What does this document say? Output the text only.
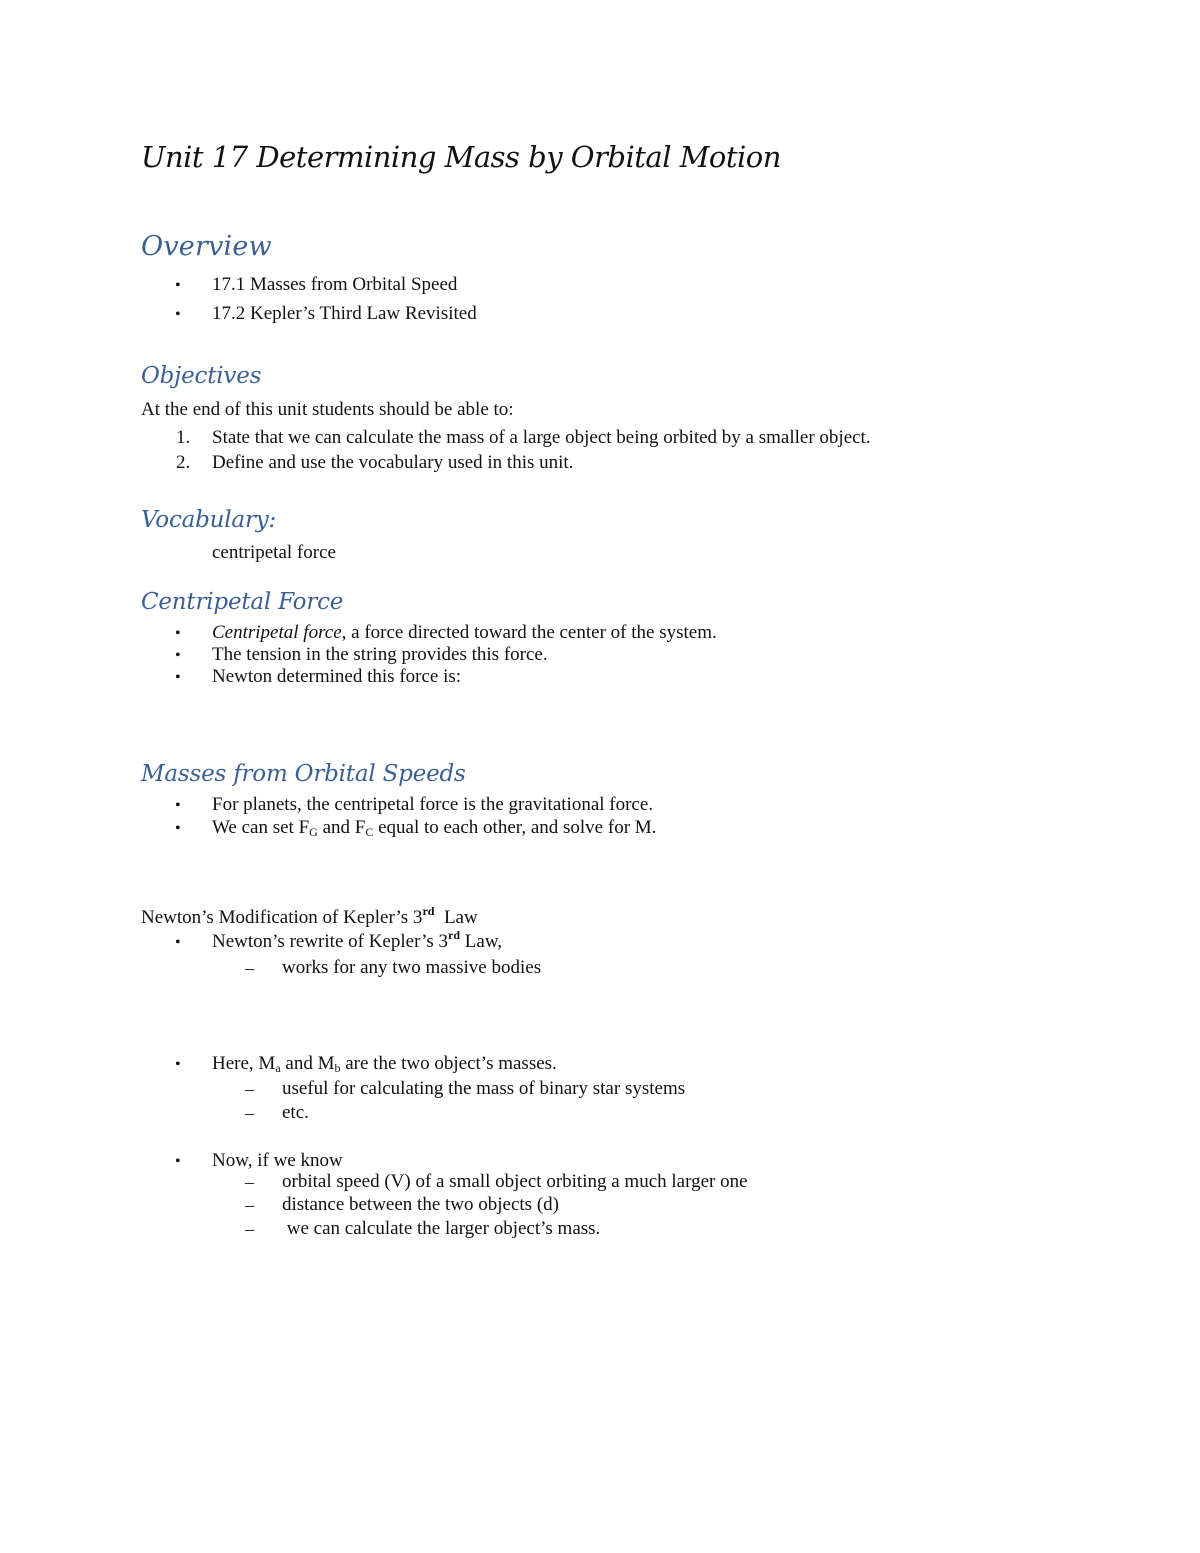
Unit 17 Determining Mass by Orbital Motion
Overview
• 17.1 Masses from Orbital Speed
• 17.2 Kepler’s Third Law Revisited
Objectives
At the end of this unit students should be able to:
1. State that we can calculate the mass of a large object being orbited by a smaller object.
2. Define and use the vocabulary used in this unit.
Vocabulary:
centripetal force
Centripetal Force
• Centripetal force, a force directed toward the center of the system.
• The tension in the string provides this force.
• Newton determined this force is:
Masses from Orbital Speeds
• For planets, the centripetal force is the gravitational force.
• We can set $F_G$ and $F_C$ equal to each other, and solve for M.
Newton’s Modification of Kepler’s 3rd  Law
• Newton’s rewrite of Kepler’s 3rd Law,
– works for any two massive bodies
• Here, $M_a$ and $M_b$ are the two object’s masses.
– useful for calculating the mass of binary star systems
– etc.
• Now, if we know
– orbital speed (V) of a small object orbiting a much larger one
– distance between the two objects (d)
– we can calculate the larger object’s mass.
